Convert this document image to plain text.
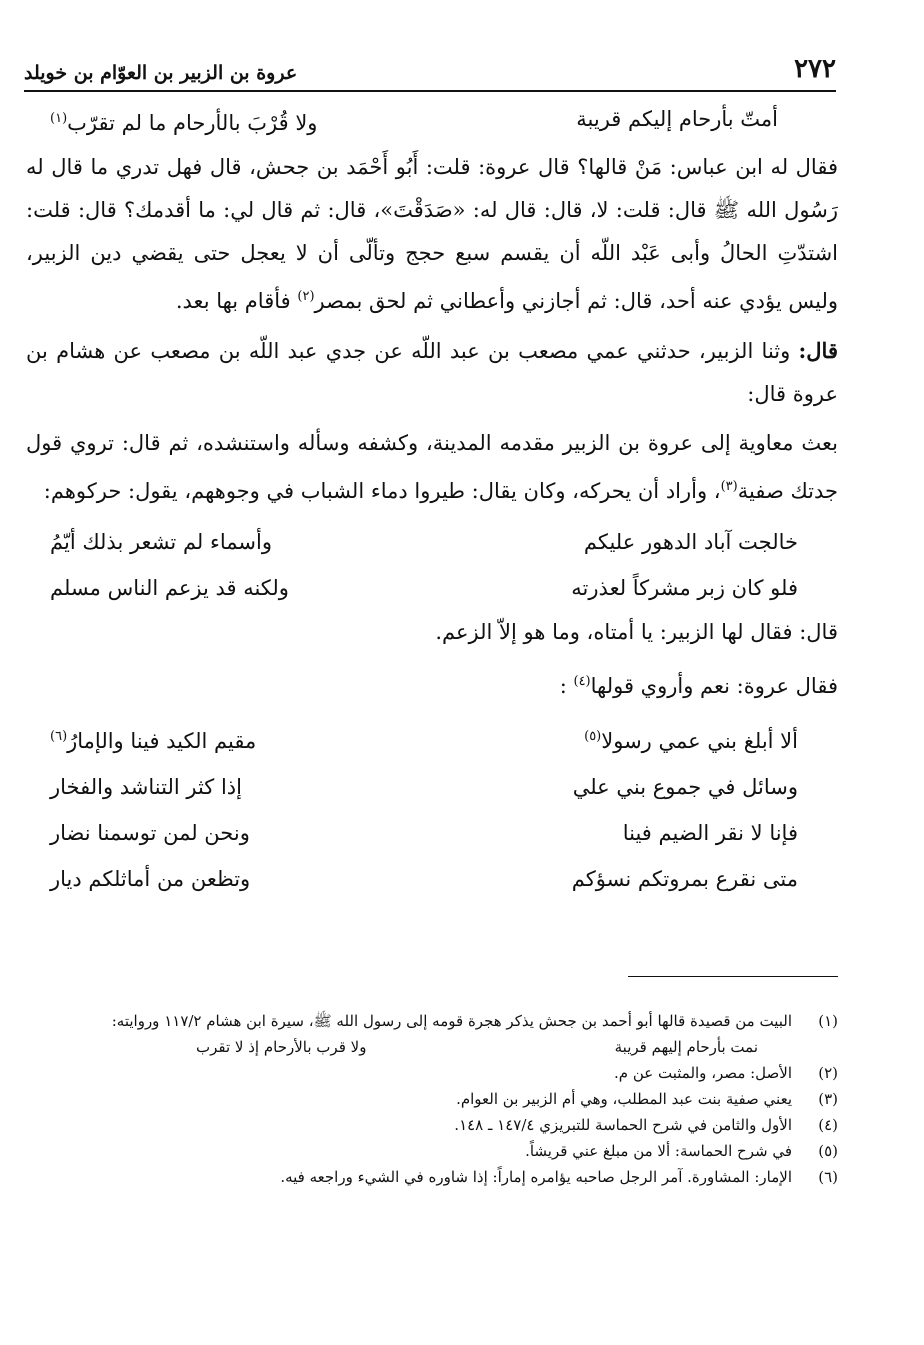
٢٧٢
عروة بن الزبير بن العوّام بن خويلد
أمتّ بأرحام إليكم قريبة
ولا قُرْبَ بالأرحام ما لم تقرّب$^{(١)}$

فقال له ابن عباس: مَنْ قالها؟ قال عروة: قلت: أَبُو أَحْمَد بن جحش، قال فهل تدري ما قال له رَسُول الله ﷺ قال: قلت: لا، قال: قال له: «صَدَقْتَ»، قال: ثم قال لي: ما أقدمك؟ قال: قلت: اشتدّتِ الحالُ وأبى عَبْد اللّه أن يقسم سبع حجج وتألّى أن لا يعجل حتى يقضي دين الزبير، وليس يؤدي عنه أحد، قال: ثم أجازني وأعطاني ثم لحق بمصر$^{(٢)}$ فأقام بها بعد.

قال: وثنا الزبير، حدثني عمي مصعب بن عبد اللّه عن جدي عبد اللّه بن مصعب عن هشام بن عروة قال:

بعث معاوية إلى عروة بن الزبير مقدمه المدينة، وكشفه وسأله واستنشده، ثم قال: تروي قول جدتك صفية$^{(٣)}$، وأراد أن يحركه، وكان يقال: طيروا دماء الشباب في وجوههم، يقول: حركوهم:

خالجت آباد الدهور عليكم
وأسماء لم تشعر بذلك أيّمُ
فلو كان زبر مشركاً لعذرته
ولكنه قد يزعم الناس مسلم

قال: فقال لها الزبير: يا أمتاه، وما هو إلاّ الزعم.

فقال عروة: نعم وأروي قولها$^{(٤)}$ :

ألا أبلغ بني عمي رسولا$^{(٥)}$
مقيم الكيد فينا والإمارُ$^{(٦)}$
وسائل في جموع بني علي
إذا كثر التناشد والفخار
فإنا لا نقر الضيم فينا
ونحن لمن توسمنا نضار
متى نقرع بمروتكم نسؤكم
وتظعن من أماثلكم ديار
(١)
البيت من قصيدة قالها أبو أحمد بن جحش يذكر هجرة قومه إلى رسول الله ﷺ، سيرة ابن هشام ١١٧/٢ وروايته:
نمت بأرحام إليهم قريبة
ولا قرب بالأرحام إذ لا تقرب
(٢)
الأصل: مصر، والمثبت عن م.
(٣)
يعني صفية بنت عبد المطلب، وهي أم الزبير بن العوام.
(٤)
الأول والثامن في شرح الحماسة للتبريزي ١٤٧/٤ ـ ١٤٨.
(٥)
في شرح الحماسة: ألا من مبلغ عني قريشاً.
(٦)
الإمار: المشاورة. آمر الرجل صاحبه يؤامره إماراً: إذا شاوره في الشيء وراجعه فيه.
